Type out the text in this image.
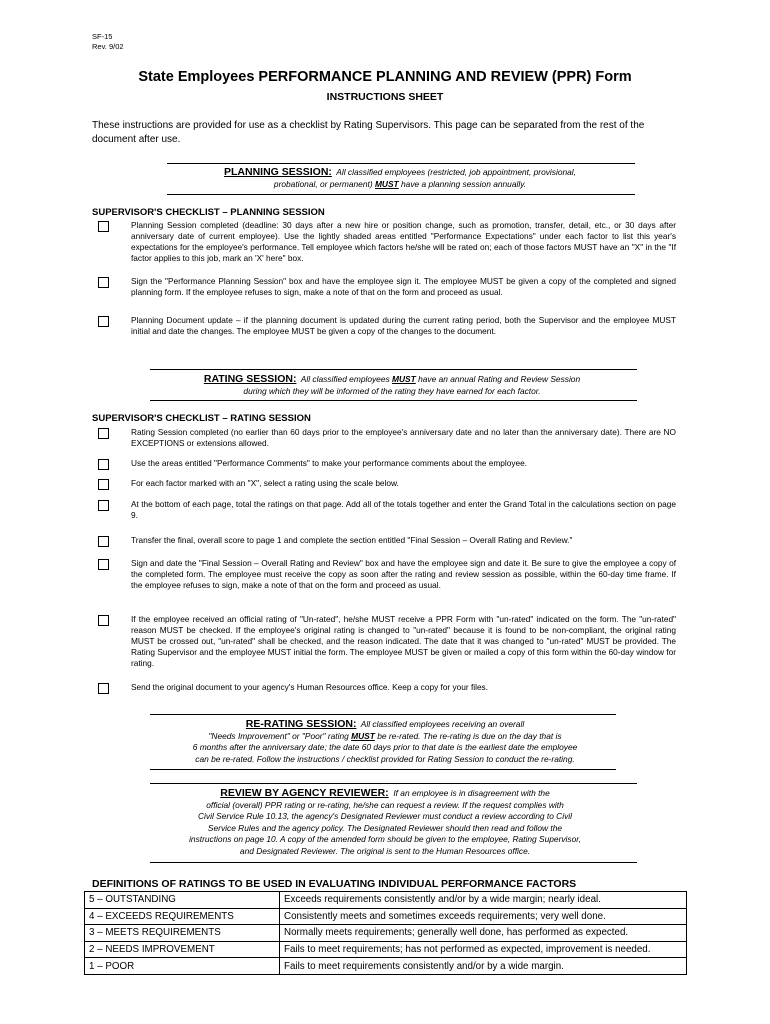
SF-15
Rev. 9/02
State Employees PERFORMANCE PLANNING AND REVIEW (PPR) Form
INSTRUCTIONS SHEET
These instructions are provided for use as a checklist by Rating Supervisors. This page can be separated from the rest of the document after use.
PLANNING SESSION: All classified employees (restricted, job appointment, provisional,
probational, or permanent) MUST have a planning session annually.
SUPERVISOR'S CHECKLIST – PLANNING SESSION
Planning Session completed (deadline: 30 days after a new hire or position change, such as promotion, transfer, detail, etc., or 30 days after anniversary date of current employee). Use the lightly shaded areas entitled "Performance Expectations" under each factor to list this year's expectations for the employee's performance. Tell employee which factors he/she will be rated on; each of those factors MUST have an "X" in the "If factor applies to this job, mark an 'X' here" box.
Sign the "Performance Planning Session" box and have the employee sign it. The employee MUST be given a copy of the completed and signed planning form. If the employee refuses to sign, make a note of that on the form and proceed as usual.
Planning Document update – if the planning document is updated during the current rating period, both the Supervisor and the employee MUST initial and date the changes. The employee MUST be given a copy of the changes to the document.
RATING SESSION: All classified employees MUST have an annual Rating and Review Session
during which they will be informed of the rating they have earned for each factor.
SUPERVISOR'S CHECKLIST – RATING SESSION
Rating Session completed (no earlier than 60 days prior to the employee's anniversary date and no later than the anniversary date). There are NO EXCEPTIONS or extensions allowed.
Use the areas entitled "Performance Comments" to make your performance comments about the employee.
For each factor marked with an "X", select a rating using the scale below.
At the bottom of each page, total the ratings on that page. Add all of the totals together and enter the Grand Total in the calculations section on page 9.
Transfer the final, overall score to page 1 and complete the section entitled "Final Session – Overall Rating and Review."
Sign and date the "Final Session – Overall Rating and Review" box and have the employee sign and date it. Be sure to give the employee a copy of the completed form. The employee must receive the copy as soon after the rating and review session as possible, within the 60-day time frame. If the employee refuses to sign, make a note of that on the form and proceed as usual.
If the employee received an official rating of "Un-rated", he/she MUST receive a PPR Form with "un-rated" indicated on the form. The "un-rated" reason MUST be checked. If the employee's original rating is changed to "un-rated" because it is found to be non-compliant, the original rating MUST be crossed out, "un-rated" shall be checked, and the reason indicated. The date that it was changed to "un-rated" MUST be provided. The Rating Supervisor and the employee MUST initial the form. The employee MUST be given or mailed a copy of this form within the 60-day window for rating.
Send the original document to your agency's Human Resources office. Keep a copy for your files.
RE-RATING SESSION: All classified employees receiving an overall
"Needs Improvement" or "Poor" rating MUST be re-rated. The re-rating is due on the day that is
6 months after the anniversary date; the date 60 days prior to that date is the earliest date the employee
can be re-rated. Follow the instructions / checklist provided for Rating Session to conduct the re-rating.
REVIEW BY AGENCY REVIEWER: If an employee is in disagreement with the
official (overall) PPR rating or re-rating, he/she can request a review. If the request complies with
Civil Service Rule 10.13, the agency's Designated Reviewer must conduct a review according to Civil
Service Rules and the agency policy. The Designated Reviewer should then read and follow the
instructions on page 10. A copy of the amended form should be given to the employee, Rating Supervisor,
and Designated Reviewer. The original is sent to the Human Resources office.
DEFINITIONS OF RATINGS TO BE USED IN EVALUATING INDIVIDUAL PERFORMANCE FACTORS
5 – OUTSTANDING	Exceeds requirements consistently and/or by a wide margin; nearly ideal.
4 – EXCEEDS REQUIREMENTS	Consistently meets and sometimes exceeds requirements; very well done.
3 – MEETS REQUIREMENTS	Normally meets requirements; generally well done, has performed as expected.
2 – NEEDS IMPROVEMENT	Fails to meet requirements; has not performed as expected, improvement is needed.
1 – POOR	Fails to meet requirements consistently and/or by a wide margin.
